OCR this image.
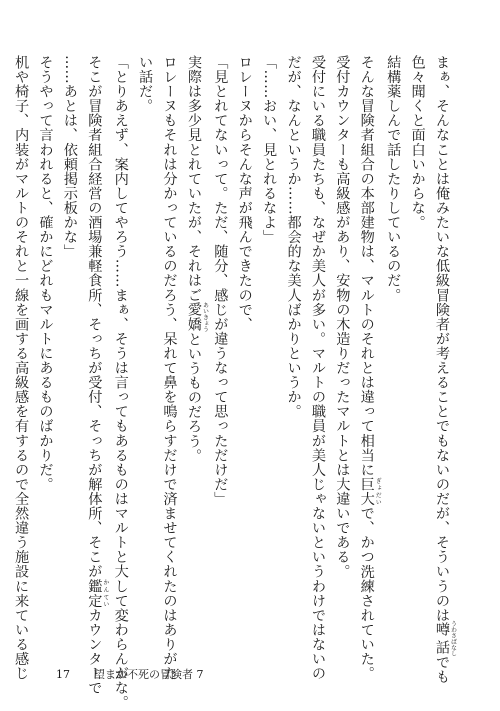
まぁ、そんなことは俺みたいな低級冒険者が考えることでもないのだが、そういうのは噂話 うわさばなしでも
色々聞くと面白いからな。
結構薬しんで話したりしているのだ。
そんな冒険者組合の本部建物は、マルトのそれとは違って相当に巨大 ぎょだいで、かつ洗練されていた。
受付カウンターも高級感があり、安物の木造りだったマルトとは大違いである。
受付にいる職員たちも、なぜか美人が多い。マルトの職員が美人じゃないというわけではないの
だが、なんというか……都会的な美人ばかりというか。
「……おい、見とれるなよ」
ロレーヌからそんな声が飛んできたので、
「見とれてないって。ただ、随分、感じが違うなって思っただけだ」
実際は多少見とれていたが、それはご愛嬌 あいきょうというものだろう。
ロレーヌもそれは分かっているのだろう、呆れて鼻を鳴らすだけで済ませてくれたのはありがた
い話だ。
「とりあえず、案内してやろう……まぁ、そうは言ってもあるものはマルトと大して変わらんがな。
そこが冒険者組合経営の酒場兼軽食所、そっちが受付、そっちが解体所、そこが鑑定 かんていカウンターで
……あとは、依頼掲示板かな」
そうやって言われると、確かにどれもマルトにあるものばかりだ。
机や椅子、内装がマルトのそれと一線を画する高級感を有するので全然違う施設に来ている感じ	17 望まぬ不死の冒険者 7
